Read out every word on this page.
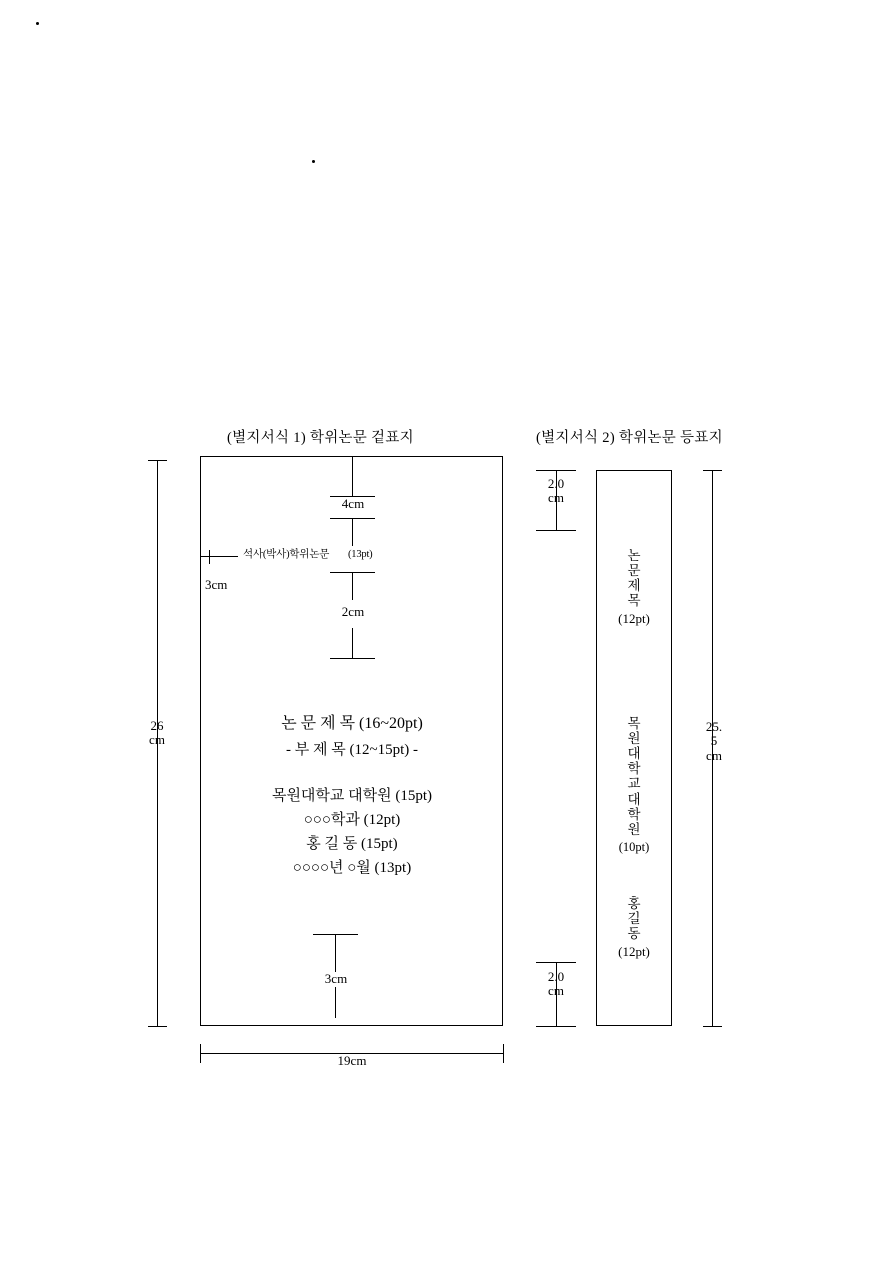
(별지서식 1) 학위논문 겉표지
26
cm
19cm
4cm
석사(박사)학위논문 (13pt)
3cm
2cm
논 문 제 목 (16~20pt)
- 부 제 목 (12~15pt) -
목원대학교 대학원 (15pt)
○○○학과 (12pt)
홍 길 동 (15pt)
○○○○년 ○월 (13pt)
3cm
(별지서식 2) 학위논문 등표지
2.0
cm
2.0
cm
25.
5
cm
논
문
제
목
(12pt)
목
원
대
학
교
대
학
원
(10pt)
홍
길
동
(12pt)
